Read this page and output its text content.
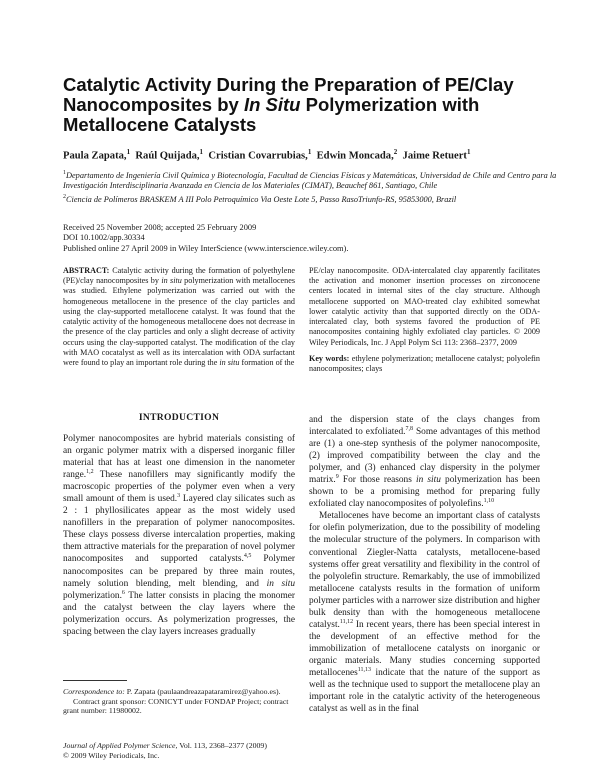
Catalytic Activity During the Preparation of PE/Clay Nanocomposites by In Situ Polymerization with Metallocene Catalysts
Paula Zapata,$^1$ Raúl Quijada,$^1$ Cristian Covarrubias,$^1$ Edwin Moncada,$^2$ Jaime Retuert$^1$
$^1$Departamento de Ingeniería Civil Química y Biotecnología, Facultad de Ciencias Físicas y Matemáticas, Universidad de Chile and Centro para la Investigación Interdisciplinaria Avanzada en Ciencia de los Materiales (CIMAT), Beauchef 861, Santiago, Chile
$^2$Ciencia de Polímeros BRASKEM A III Polo Petroquímico Via Oeste Lote 5, Passo RasoTriunfo-RS, 95853000, Brazil
Received 25 November 2008; accepted 25 February 2009
DOI 10.1002/app.30334
Published online 27 April 2009 in Wiley InterScience (www.interscience.wiley.com).
ABSTRACT: Catalytic activity during the formation of polyethylene (PE)/clay nanocomposites by in situ polymerization with metallocenes was studied. Ethylene polymerization was carried out with the homogeneous metallocene in the presence of the clay particles and using the clay-supported metallocene catalyst. It was found that the catalytic activity of the homogeneous metallocene does not decrease in the presence of the clay particles and only a slight decrease of activity occurs using the clay-supported catalyst. The modification of the clay with MAO cocatalyst as well as its intercalation with ODA surfactant were found to play an important role during the in situ formation of the
PE/clay nanocomposite. ODA-intercalated clay apparently facilitates the activation and monomer insertion processes on zirconocene centers located in internal sites of the clay structure. Although metallocene supported on MAO-treated clay exhibited somewhat lower catalytic activity than that supported directly on the ODA-intercalated clay, both systems favored the production of PE nanocomposites containing highly exfoliated clay particles. © 2009 Wiley Periodicals, Inc. J Appl Polym Sci 113: 2368–2377, 2009
Key words: ethylene polymerization; metallocene catalyst; polyolefin nanocomposites; clays
INTRODUCTION

Polymer nanocomposites are hybrid materials consisting of an organic polymer matrix with a dispersed inorganic filler material that has at least one dimension in the nanometer range.$^{1,2}$ These nanofillers may significantly modify the macroscopic properties of the polymer even when a very small amount of them is used.$^3$ Layered clay silicates such as 2 : 1 phyllosilicates appear as the most widely used nanofillers in the preparation of polymer nanocomposites. These clays possess diverse intercalation properties, making them attractive materials for the preparation of novel polymer nanocomposites and supported catalysts.$^{4,5}$ Polymer nanocomposites can be prepared by three main routes, namely solution blending, melt blending, and in situ polymerization.$^6$ The latter consists in placing the monomer and the catalyst between the clay layers where the polymerization occurs. As polymerization progresses, the spacing between the clay layers increases gradually

and the dispersion state of the clays changes from intercalated to exfoliated.$^{7,8}$ Some advantages of this method are (1) a one-step synthesis of the polymer nanocomposite, (2) improved compatibility between the clay and the polymer, and (3) enhanced clay dispersity in the polymer matrix.$^9$ For those reasons in situ polymerization has been shown to be a promising method for preparing fully exfoliated clay nanocomposites of polyolefins.$^{1,10}$

Metallocenes have become an important class of catalysts for olefin polymerization, due to the possibility of modeling the molecular structure of the polymers. In comparison with conventional Ziegler-Natta catalysts, metallocene-based systems offer great versatility and flexibility in the control of the polyolefin structure. Remarkably, the use of immobilized metallocene catalysts results in the formation of uniform polymer particles with a narrower size distribution and higher bulk density than with the homogeneous metallocene catalyst.$^{11,12}$ In recent years, there has been special interest in the development of an effective method for the immobilization of metallocene catalysts on inorganic or organic materials. Many studies concerning supported metallocenes$^{11,13}$ indicate that the nature of the support as well as the technique used to support the metallocene play an important role in the catalytic activity of the heterogeneous catalyst as well as in the final

Correspondence to: P. Zapata (paulaandreazapataramirez@yahoo.es).

Contract grant sponsor: CONICYT under FONDAP Project; contract grant number: 11980002.

Journal of Applied Polymer Science, Vol. 113, 2368–2377 (2009)

© 2009 Wiley Periodicals, Inc.
